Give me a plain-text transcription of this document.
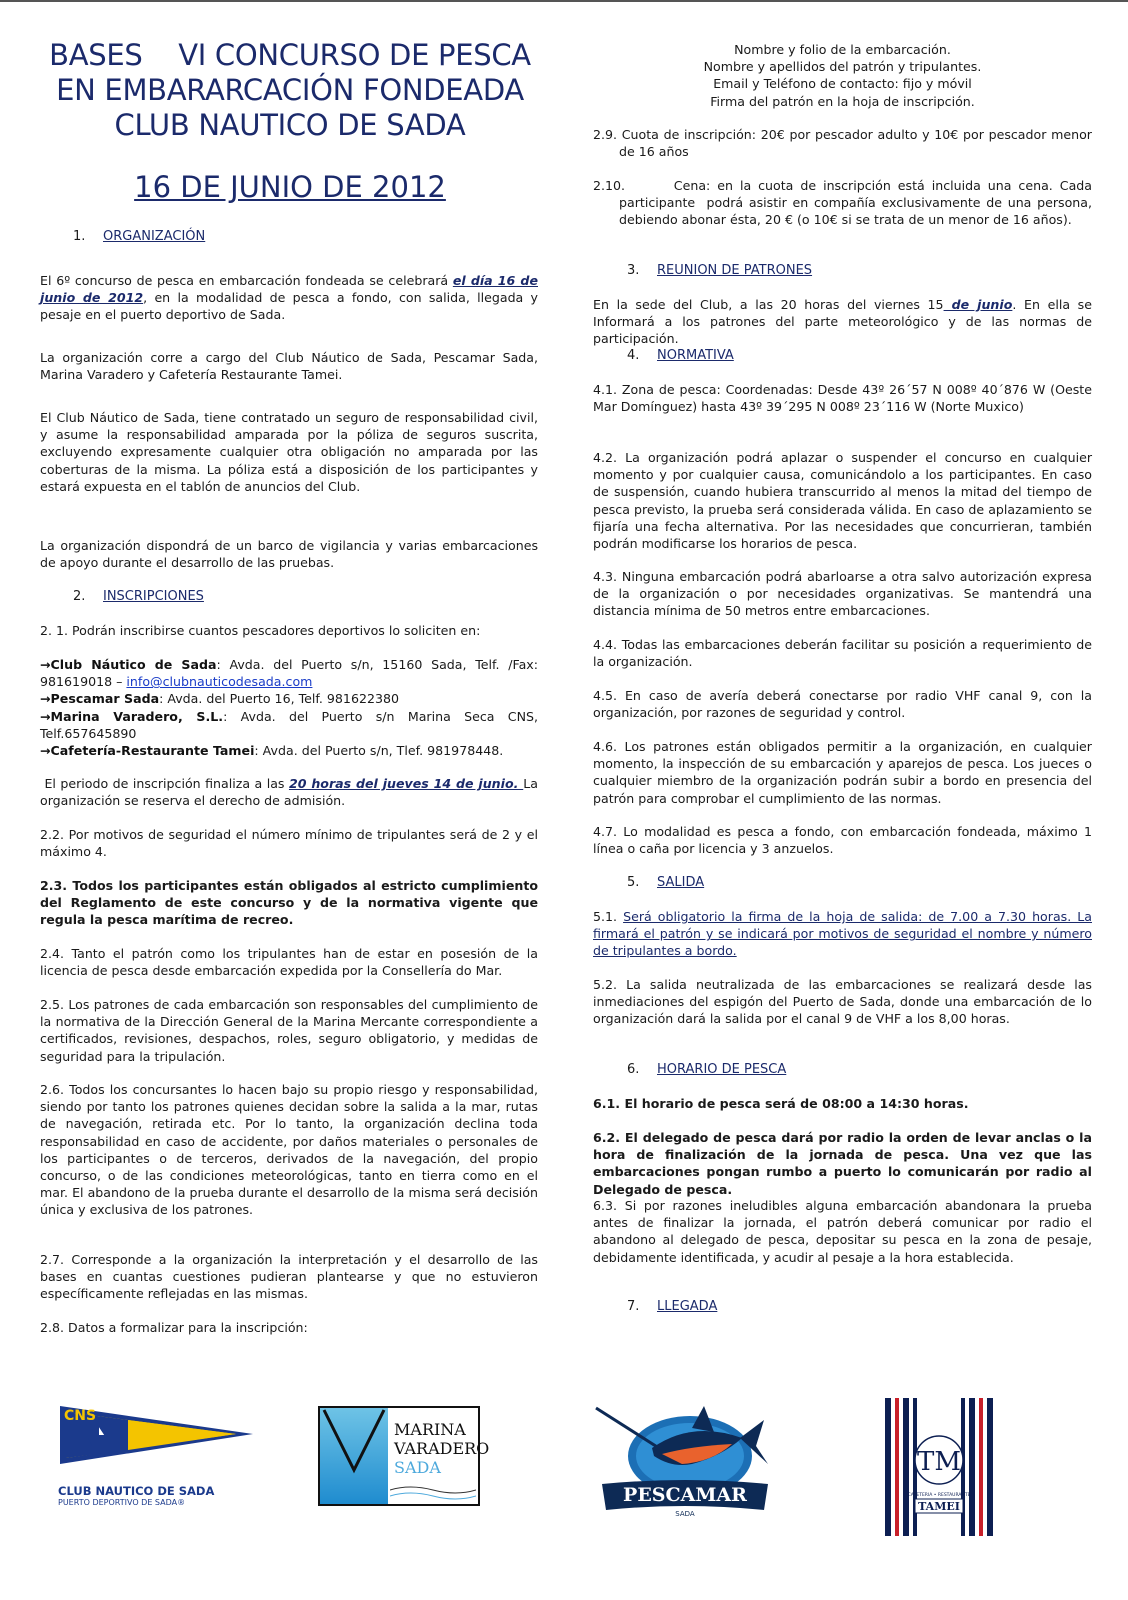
BASES    VI CONCURSO DE PESCA
EN EMBARARCACIÓN FONDEADA
CLUB NAUTICO DE SADA
16 DE JUNIO DE 2012
1. ORGANIZACIÓN
El 6º concurso de pesca en embarcación fondeada se celebrará el día 16 de junio de 2012, en la modalidad de pesca a fondo, con salida, llegada y pesaje en el puerto deportivo de Sada.
La organización corre a cargo del Club Náutico de Sada, Pescamar Sada, Marina Varadero y Cafetería Restaurante Tamei.
El Club Náutico de Sada, tiene contratado un seguro de responsabilidad civil, y asume la responsabilidad amparada por la póliza de seguros suscrita, excluyendo expresamente cualquier otra obligación no amparada por las coberturas de la misma. La póliza está a disposición de los participantes y estará expuesta en el tablón de anuncios del Club.
La organización dispondrá de un barco de vigilancia y varias embarcaciones de apoyo durante el desarrollo de las pruebas.
2. INSCRIPCIONES
2. 1. Podrán inscribirse cuantos pescadores deportivos lo soliciten en:
→Club Náutico de Sada: Avda. del Puerto s/n, 15160 Sada, Telf. /Fax: 981619018 – info@clubnauticodesada.com
→Pescamar Sada: Avda. del Puerto 16, Telf. 981622380
→Marina Varadero, S.L.: Avda. del Puerto s/n Marina Seca CNS, Telf.657645890
→Cafetería-Restaurante Tamei: Avda. del Puerto s/n, Tlef. 981978448.
El periodo de inscripción finaliza a las 20 horas del jueves 14 de junio. La organización se reserva el derecho de admisión.
2.2. Por motivos de seguridad el número mínimo de tripulantes será de 2 y el máximo 4.
2.3. Todos los participantes están obligados al estricto cumplimiento del Reglamento de este concurso y de la normativa vigente que regula la pesca marítima de recreo.
2.4. Tanto el patrón como los tripulantes han de estar en posesión de la licencia de pesca desde embarcación expedida por la Consellería do Mar.
2.5. Los patrones de cada embarcación son responsables del cumplimiento de la normativa de la Dirección General de la Marina Mercante correspondiente a certificados, revisiones, despachos, roles, seguro obligatorio, y medidas de seguridad para la tripulación.
2.6. Todos los concursantes lo hacen bajo su propio riesgo y responsabilidad, siendo por tanto los patrones quienes decidan sobre la salida a la mar, rutas de navegación, retirada etc. Por lo tanto, la organización declina toda responsabilidad en caso de accidente, por daños materiales o personales de los participantes o de terceros, derivados de la navegación, del propio concurso, o de las condiciones meteorológicas, tanto en tierra como en el mar. El abandono de la prueba durante el desarrollo de la misma será decisión única y exclusiva de los patrones.
2.7. Corresponde a la organización la interpretación y el desarrollo de las bases en cuantas cuestiones pudieran plantearse y que no estuvieron específicamente reflejadas en las mismas.
2.8. Datos a formalizar para la inscripción:
Nombre y folio de la embarcación.
Nombre y apellidos del patrón y tripulantes.
Email y Teléfono de contacto: fijo y móvil
Firma del patrón en la hoja de inscripción.
2.9. Cuota de inscripción: 20€ por pescador adulto y 10€ por pescador menor de 16 años
2.10.       Cena: en la cuota de inscripción está incluida una cena. Cada participante  podrá asistir en compañía exclusivamente de una persona, debiendo abonar ésta, 20 € (o 10€ si se trata de un menor de 16 años).
3. REUNION DE PATRONES
En la sede del Club, a las 20 horas del viernes 15 de junio. En ella se Informará a los patrones del parte meteorológico y de las normas de participación.
4. NORMATIVA
4.1. Zona de pesca: Coordenadas: Desde 43º 26´57 N 008º 40´876 W (Oeste Mar Domínguez) hasta 43º 39´295 N 008º 23´116 W (Norte Muxico)
4.2. La organización podrá aplazar o suspender el concurso en cualquier momento y por cualquier causa, comunicándolo a los participantes. En caso de suspensión, cuando hubiera transcurrido al menos la mitad del tiempo de pesca previsto, la prueba será considerada válida. En caso de aplazamiento se fijaría una fecha alternativa. Por las necesidades que concurrieran, también podrán modificarse los horarios de pesca.
4.3. Ninguna embarcación podrá abarloarse a otra salvo autorización expresa de la organización o por necesidades organizativas. Se mantendrá una distancia mínima de 50 metros entre embarcaciones.
4.4. Todas las embarcaciones deberán facilitar su posición a requerimiento de la organización.
4.5. En caso de avería deberá conectarse por radio VHF canal 9, con la organización, por razones de seguridad y control.
4.6. Los patrones están obligados permitir a la organización, en cualquier momento, la inspección de su embarcación y aparejos de pesca. Los jueces o cualquier miembro de la organización podrán subir a bordo en presencia del patrón para comprobar el cumplimiento de las normas.
4.7. Lo modalidad es pesca a fondo, con embarcación fondeada, máximo 1 línea o caña por licencia y 3 anzuelos.
5. SALIDA
5.1. Será obligatorio la firma de la hoja de salida: de 7.00 a 7.30 horas. La firmará el patrón y se indicará por motivos de seguridad el nombre y número de tripulantes a bordo.
5.2. La salida neutralizada de las embarcaciones se realizará desde las inmediaciones del espigón del Puerto de Sada, donde una embarcación de lo organización dará la salida por el canal 9 de VHF a los 8,00 horas.
6. HORARIO DE PESCA
6.1. El horario de pesca será de 08:00 a 14:30 horas.
6.2. El delegado de pesca dará por radio la orden de levar anclas o la hora de finalización de la jornada de pesca. Una vez que las embarcaciones pongan rumbo a puerto lo comunicarán por radio al Delegado de pesca.
6.3. Si por razones ineludibles alguna embarcación abandonara la prueba antes de finalizar la jornada, el patrón deberá comunicar por radio el abandono al delegado de pesca, depositar su pesca en la zona de pesaje, debidamente identificada, y acudir al pesaje a la hora establecida.
7. LLEGADA
CNS
CLUB NAUTICO DE SADA
PUERTO DEPORTIVO DE SADA®
MARINA
VARADERO
SADA
PESCAMAR
SADA
TM
CAFETERIA • RESTAURANTE
TAMEI
